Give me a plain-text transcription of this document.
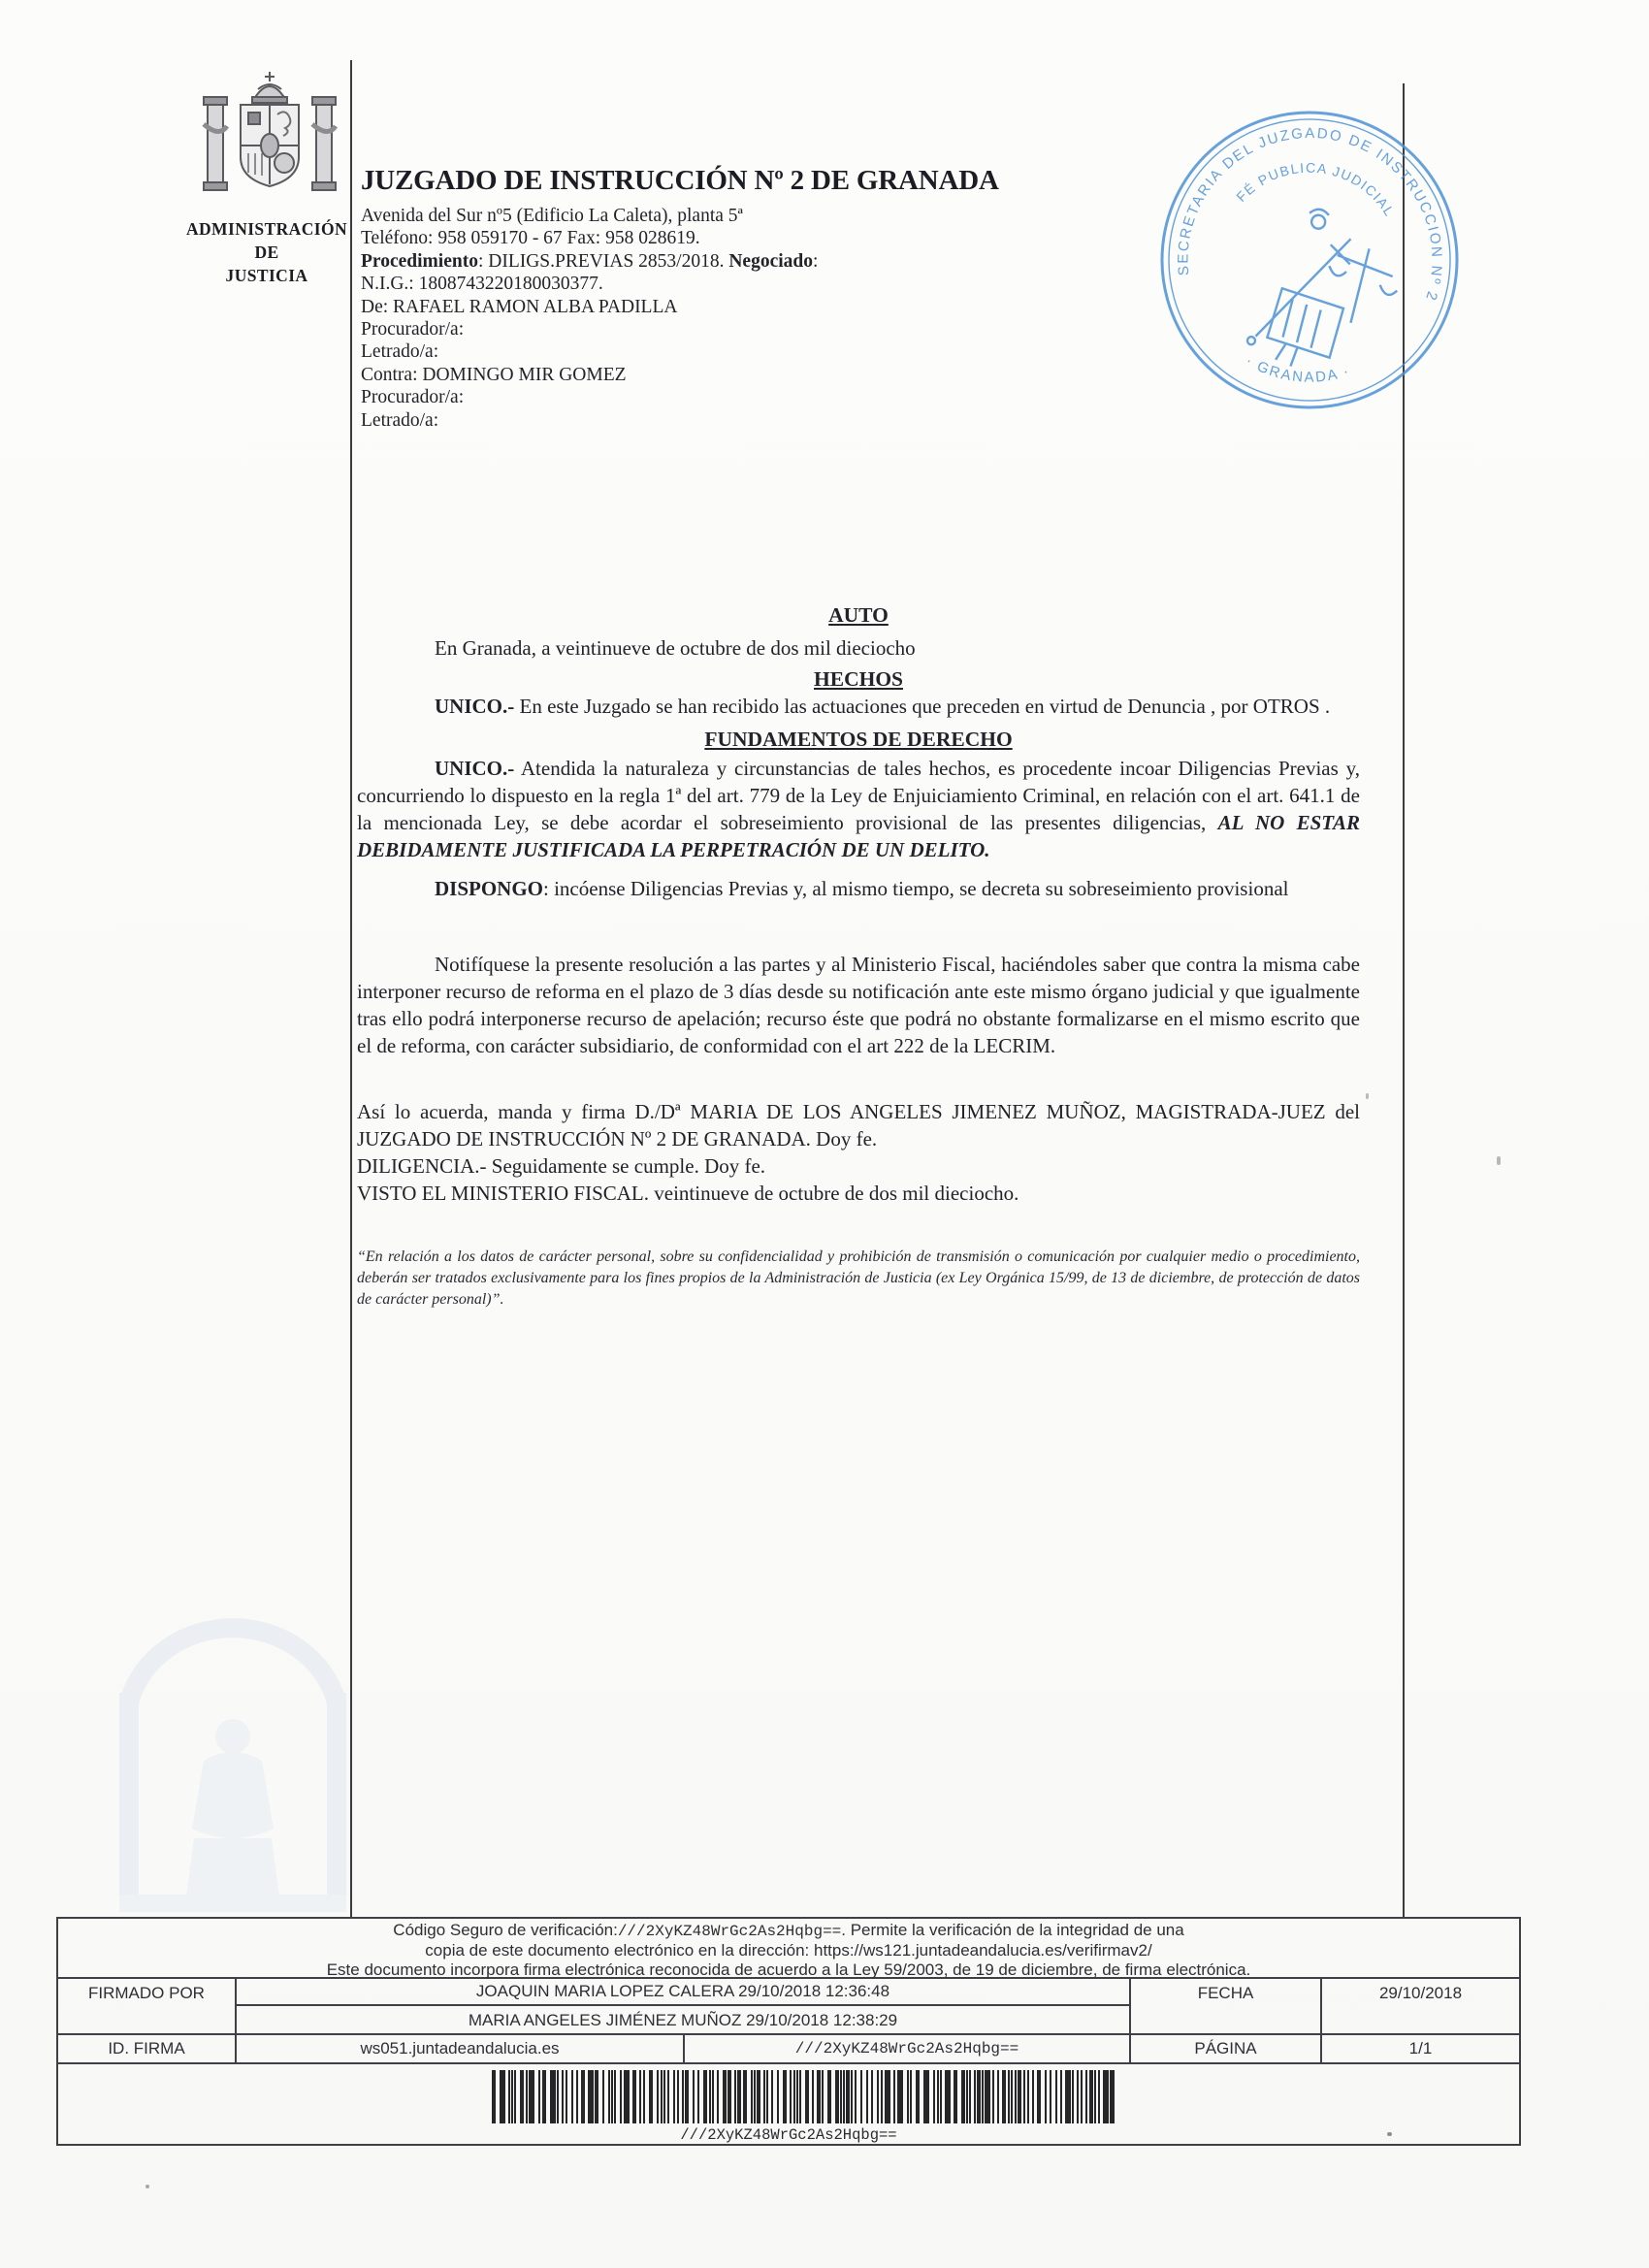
ADMINISTRACIÓN
DE
JUSTICIA
JUZGADO DE INSTRUCCIÓN Nº 2 DE GRANADA
Avenida del Sur nº5 (Edificio La Caleta), planta 5ª
Teléfono: 958 059170 - 67 Fax: 958 028619.
Procedimiento: DILIGS.PREVIAS 2853/2018. Negociado:
N.I.G.: 1808743220180030377.
De: RAFAEL RAMON ALBA PADILLA
Procurador/a:
Letrado/a:
Contra: DOMINGO MIR GOMEZ
Procurador/a:
Letrado/a:
SECRETARIA DEL JUZGADO DE INSTRUCCION Nº 2
· GRANADA ·
FÉ PUBLICA JUDICIAL

AUTO

En Granada, a veintinueve de octubre de dos mil dieciocho

HECHOS

UNICO.- En este Juzgado se han recibido las actuaciones que preceden en virtud de Denuncia , por OTROS .

FUNDAMENTOS DE DERECHO

UNICO.- Atendida la naturaleza y circunstancias de tales hechos, es procedente incoar Diligencias Previas y, concurriendo lo dispuesto en la regla 1ª del art. 779 de la Ley de Enjuiciamiento Criminal, en relación con el art. 641.1 de la mencionada Ley, se debe acordar el sobreseimiento provisional de las presentes diligencias, AL NO ESTAR DEBIDAMENTE JUSTIFICADA LA PERPETRACIÓN DE UN DELITO.

DISPONGO: incóense Diligencias Previas y, al mismo tiempo, se decreta su sobreseimiento provisional

Notifíquese la presente resolución a las partes y al Ministerio Fiscal, haciéndoles saber que contra la misma cabe interponer recurso de reforma en el plazo de 3 días desde su notificación ante este mismo órgano judicial y que igualmente tras ello podrá interponerse recurso de apelación; recurso éste que podrá no obstante formalizarse en el mismo escrito que el de reforma, con carácter subsidiario, de conformidad con el art 222 de la LECRIM.

Así lo acuerda, manda y firma D./Dª MARIA DE LOS ANGELES JIMENEZ MUÑOZ, MAGISTRADA-JUEZ del JUZGADO DE INSTRUCCIÓN Nº 2 DE GRANADA. Doy fe.

DILIGENCIA.- Seguidamente se cumple. Doy fe.

VISTO EL MINISTERIO FISCAL. veintinueve de octubre de dos mil dieciocho.

“En relación a los datos de carácter personal, sobre su confidencialidad y prohibición de transmisión o comunicación por cualquier medio o procedimiento, deberán ser tratados exclusivamente para los fines propios de la Administración de Justicia (ex Ley Orgánica 15/99, de 13 de diciembre, de protección de datos de carácter personal)”.

Código Seguro de verificación:///2XyKZ48WrGc2As2Hqbg==. Permite la verificación de la integridad de una
copia de este documento electrónico en la dirección: https://ws121.juntadeandalucia.es/verifirmav2/
Este documento incorpora firma electrónica reconocida de acuerdo a la Ley 59/2003, de 19 de diciembre, de firma electrónica.
FIRMADO POR	JOAQUIN MARIA LOPEZ CALERA 29/10/2018 12:36:48
MARIA ANGELES JIMÉNEZ MUÑOZ 29/10/2018 12:38:29
FECHA	29/10/2018
ID. FIRMA	ws051.juntadeandalucia.es	///2XyKZ48WrGc2As2Hqbg==	PÁGINA	1/1
///2XyKZ48WrGc2As2Hqbg==
